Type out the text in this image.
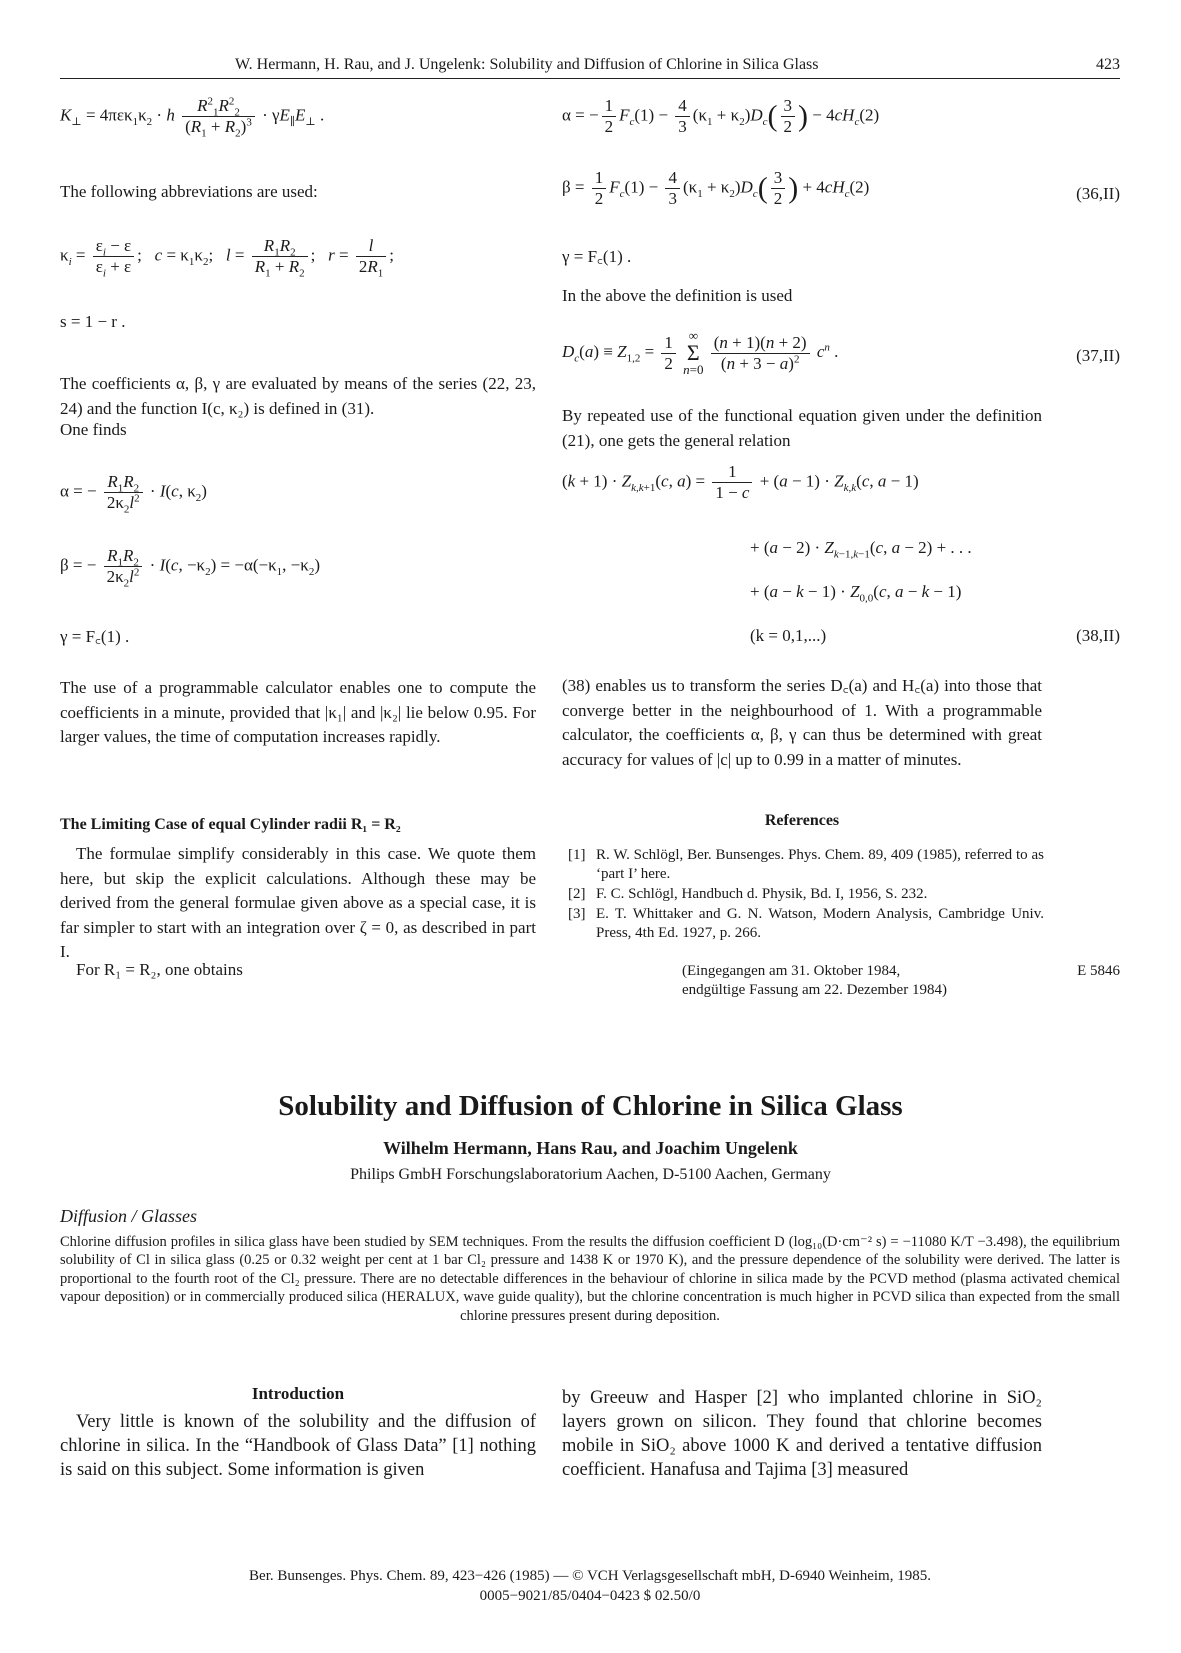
W. Hermann, H. Rau, and J. Ungelenk: Solubility and Diffusion of Chlorine in Silica Glass	423
$K_\perp = 4\pi\varepsilon\kappa_1\kappa_2 \cdot h \frac{R^2_1R^2_2}{(R_1 + R_2)^3} \cdot \gamma E_\parallel E_\perp$ .
The following abbreviations are used:
$\kappa_i = \frac{\varepsilon_i - \varepsilon}{\varepsilon_i + \varepsilon}$ ;   $c = \kappa_1\kappa_2$;   $l = \frac{R_1R_2}{R_1 + R_2}$ ;   $r = \frac{l}{2R_1}$ ;
s = 1 − r .
The coefficients α, β, γ are evaluated by means of the series (22, 23, 24) and the function I(c, κ₂) is defined in (31).
One finds
α = − $\frac{R_1R_2}{2\kappa_2l^2} \cdot I(c$, $\kappa_2$)
β = − $\frac{R_1R_2}{2\kappa_2l^2} \cdot I(c$, $-\kappa_2) = -\alpha(-\kappa_1$, $-\kappa_2$)
γ = F꜀(1) .
The use of a programmable calculator enables one to compute the coefficients in a minute, provided that |κ₁| and |κ₂| lie below 0.95. For larger values, the time of computation increases rapidly.
The Limiting Case of equal Cylinder radii R₁ = R₂
The formulae simplify considerably in this case. We quote them here, but skip the explicit calculations. Although these may be derived from the general formulae given above as a special case, it is far simpler to start with an integration over ζ = 0, as described in part I.
For R₁ = R₂, one obtains
α = − $\frac{1}{2} F_c(1) - \frac{4}{3} (\kappa_1 + \kappa_2)D_c( \frac{3}{2}$ ) − $4cH_c(2)$
$\beta = \frac{1}{2} F_c(1) - \frac{4}{3} (\kappa_1 + \kappa_2)D_c( \frac{3}{2}$ ) + $4cH_c(2)$	(36,II)
γ = F꜀(1) .
In the above the definition is used
$D_c(a) \equiv Z_{1,2} = \frac{1}{2}$ ∞
Σ
$n=0 \frac{(n + 1)(n + 2)}{(n + 3 - a)^2} c^n$ .	(37,II)
By repeated use of the functional equation given under the definition (21), one gets the general relation
$(k + 1) \cdot Z_{k,k+1}(c$, $a) = \frac{1}{1 - c} + (a - 1) \cdot Z_{k,k}(c$, a − 1)
+ $(a - 2) \cdot Z_{k-1,k-1}(c$, a − 2) + . . .
+ $(a - k - 1) \cdot Z_{0,0}(c$, a − k − 1)
(k = 0,1,...)	(38,II)
(38) enables us to transform the series D꜀(a) and H꜀(a) into those that converge better in the neighbourhood of 1. With a programmable calculator, the coefficients α, β, γ can thus be determined with great accuracy for values of |c| up to 0.99 in a matter of minutes.
References
[1] R. W. Schlögl, Ber. Bunsenges. Phys. Chem. 89, 409 (1985), referred to as ‘part I’ here.
[2] F. C. Schlögl, Handbuch d. Physik, Bd. I, 1956, S. 232.
[3] E. T. Whittaker and G. N. Watson, Modern Analysis, Cambridge Univ. Press, 4th Ed. 1927, p. 266.
(Eingegangen am 31. Oktober 1984,
endgültige Fassung am 22. Dezember 1984)
E 5846
Solubility and Diffusion of Chlorine in Silica Glass
Wilhelm Hermann, Hans Rau, and Joachim Ungelenk
Philips GmbH Forschungslaboratorium Aachen, D-5100 Aachen, Germany
Diffusion / Glasses
Chlorine diffusion profiles in silica glass have been studied by SEM techniques. From the results the diffusion coefficient D (log₁₀(D·cm⁻² s) = −11080 K/T −3.498), the equilibrium solubility of Cl in silica glass (0.25 or 0.32 weight per cent at 1 bar Cl₂ pressure and 1438 K or 1970 K), and the pressure dependence of the solubility were derived. The latter is proportional to the fourth root of the Cl₂ pressure. There are no detectable differences in the behaviour of chlorine in silica made by the PCVD method (plasma activated chemical vapour deposition) or in commercially produced silica (HERALUX, wave guide quality), but the chlorine concentration is much higher in PCVD silica than expected from the small chlorine pressures present during deposition.
Introduction
Very little is known of the solubility and the diffusion of chlorine in silica. In the “Handbook of Glass Data” [1] nothing is said on this subject. Some information is given
by Greeuw and Hasper [2] who implanted chlorine in SiO₂ layers grown on silicon. They found that chlorine becomes mobile in SiO₂ above 1000 K and derived a tentative diffusion coefficient. Hanafusa and Tajima [3] measured
Ber. Bunsenges. Phys. Chem. 89, 423−426 (1985) — © VCH Verlagsgesellschaft mbH, D-6940 Weinheim, 1985.
0005−9021/85/0404−0423 $ 02.50/0
